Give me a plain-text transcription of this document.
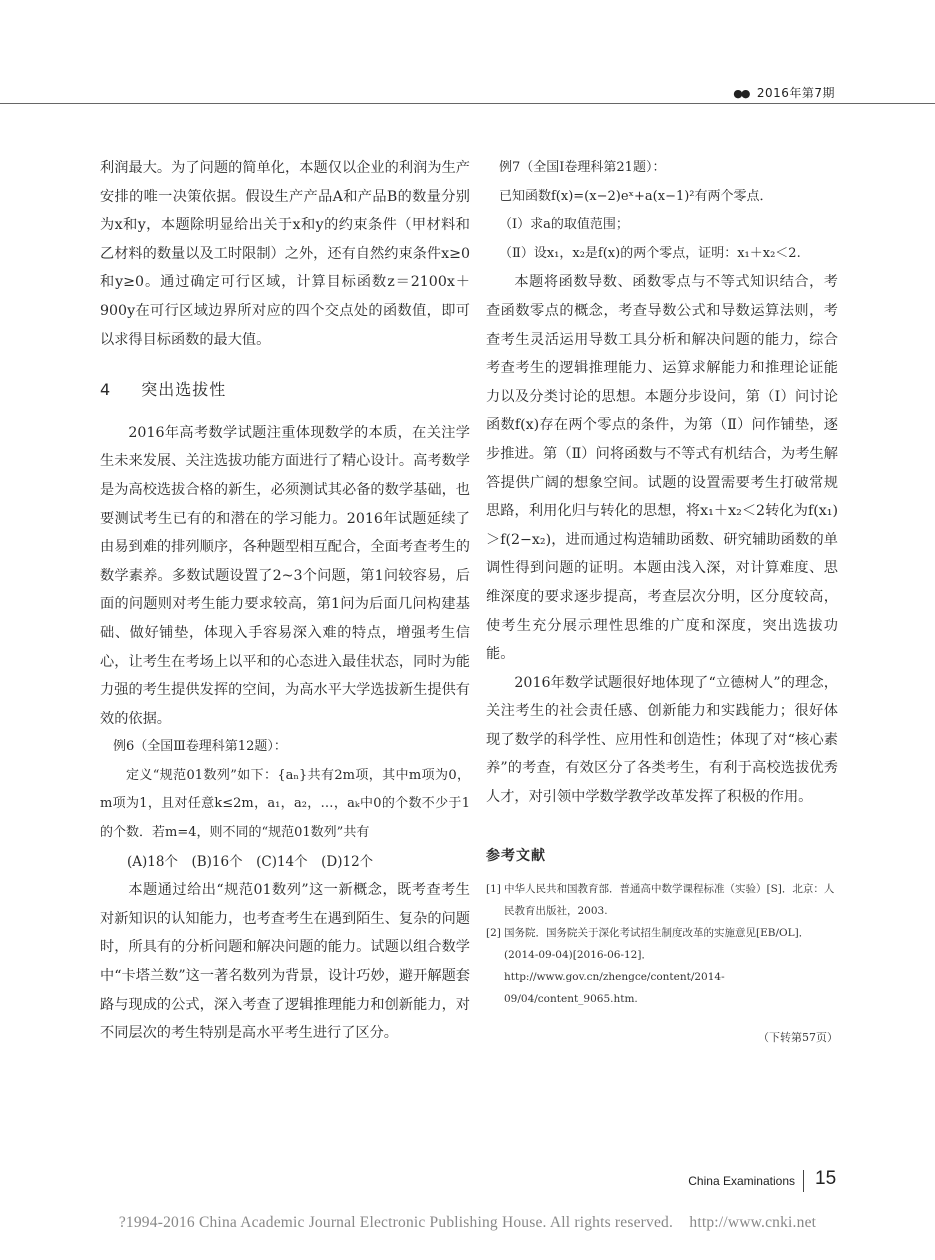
●● 2016年第7期

利润最大。为了问题的简单化，本题仅以企业的利润为生产安排的唯一决策依据。假设生产产品A和产品B的数量分别为x和y，本题除明显给出关于x和y的约束条件（甲材料和乙材料的数量以及工时限制）之外，还有自然约束条件x≥0和y≥0。通过确定可行区域，计算目标函数z＝2100x＋900y在可行区域边界所对应的四个交点处的函数值，即可以求得目标函数的最大值。

4 突出选拔性

2016年高考数学试题注重体现数学的本质，在关注学生未来发展、关注选拔功能方面进行了精心设计。高考数学是为高校选拔合格的新生，必须测试其必备的数学基础，也要测试考生已有的和潜在的学习能力。2016年试题延续了由易到难的排列顺序，各种题型相互配合，全面考查考生的数学素养。多数试题设置了2~3个问题，第1问较容易，后面的问题则对考生能力要求较高，第1问为后面几问构建基础、做好铺垫，体现入手容易深入难的特点，增强考生信心，让考生在考场上以平和的心态进入最佳状态，同时为能力强的考生提供发挥的空间，为高水平大学选拔新生提供有效的依据。

例6（全国Ⅲ卷理科第12题）：

定义“规范01数列”如下：{aₙ}共有2m项，其中m项为0，m项为1，且对任意k≤2m，a₁，a₂，…，aₖ中0的个数不少于1的个数．若m=4，则不同的“规范01数列”共有

(A)18个　(B)16个　(C)14个　(D)12个

本题通过给出“规范01数列”这一新概念，既考查考生对新知识的认知能力，也考查考生在遇到陌生、复杂的问题时，所具有的分析问题和解决问题的能力。试题以组合数学中“卡塔兰数”这一著名数列为背景，设计巧妙，避开解题套路与现成的公式，深入考查了逻辑推理能力和创新能力，对不同层次的考生特别是高水平考生进行了区分。

例7（全国Ⅰ卷理科第21题）：

已知函数f(x)=(x−2)eˣ+a(x−1)²有两个零点．

（Ⅰ）求a的取值范围；

（Ⅱ）设x₁，x₂是f(x)的两个零点，证明：x₁＋x₂＜2.

本题将函数导数、函数零点与不等式知识结合，考查函数零点的概念，考查导数公式和导数运算法则，考查考生灵活运用导数工具分析和解决问题的能力，综合考查考生的逻辑推理能力、运算求解能力和推理论证能力以及分类讨论的思想。本题分步设问，第（Ⅰ）问讨论函数f(x)存在两个零点的条件，为第（Ⅱ）问作铺垫，逐步推进。第（Ⅱ）问将函数与不等式有机结合，为考生解答提供广阔的想象空间。试题的设置需要考生打破常规思路，利用化归与转化的思想，将x₁＋x₂＜2转化为f(x₁)＞f(2−x₂)，进而通过构造辅助函数、研究辅助函数的单调性得到问题的证明。本题由浅入深，对计算难度、思维深度的要求逐步提高，考查层次分明，区分度较高，使考生充分展示理性思维的广度和深度，突出选拔功能。

2016年数学试题很好地体现了“立德树人”的理念，关注考生的社会责任感、创新能力和实践能力；很好体现了数学的科学性、应用性和创造性；体现了对“核心素养”的考查，有效区分了各类考生，有利于高校选拔优秀人才，对引领中学数学教学改革发挥了积极的作用。

参考文献
[1] 中华人民共和国教育部．普通高中数学课程标准（实验）[S]．北京：人民教育出版社，2003.
[2] 国务院．国务院关于深化考试招生制度改革的实施意见[EB/OL]．(2014-09-04)[2016-06-12]．http://www.gov.cn/zhengce/content/2014-09/04/content_9065.htm.
（下转第57页）
China Examinations 15
?1994-2016 China Academic Journal Electronic Publishing House. All rights reserved.    http://www.cnki.net
